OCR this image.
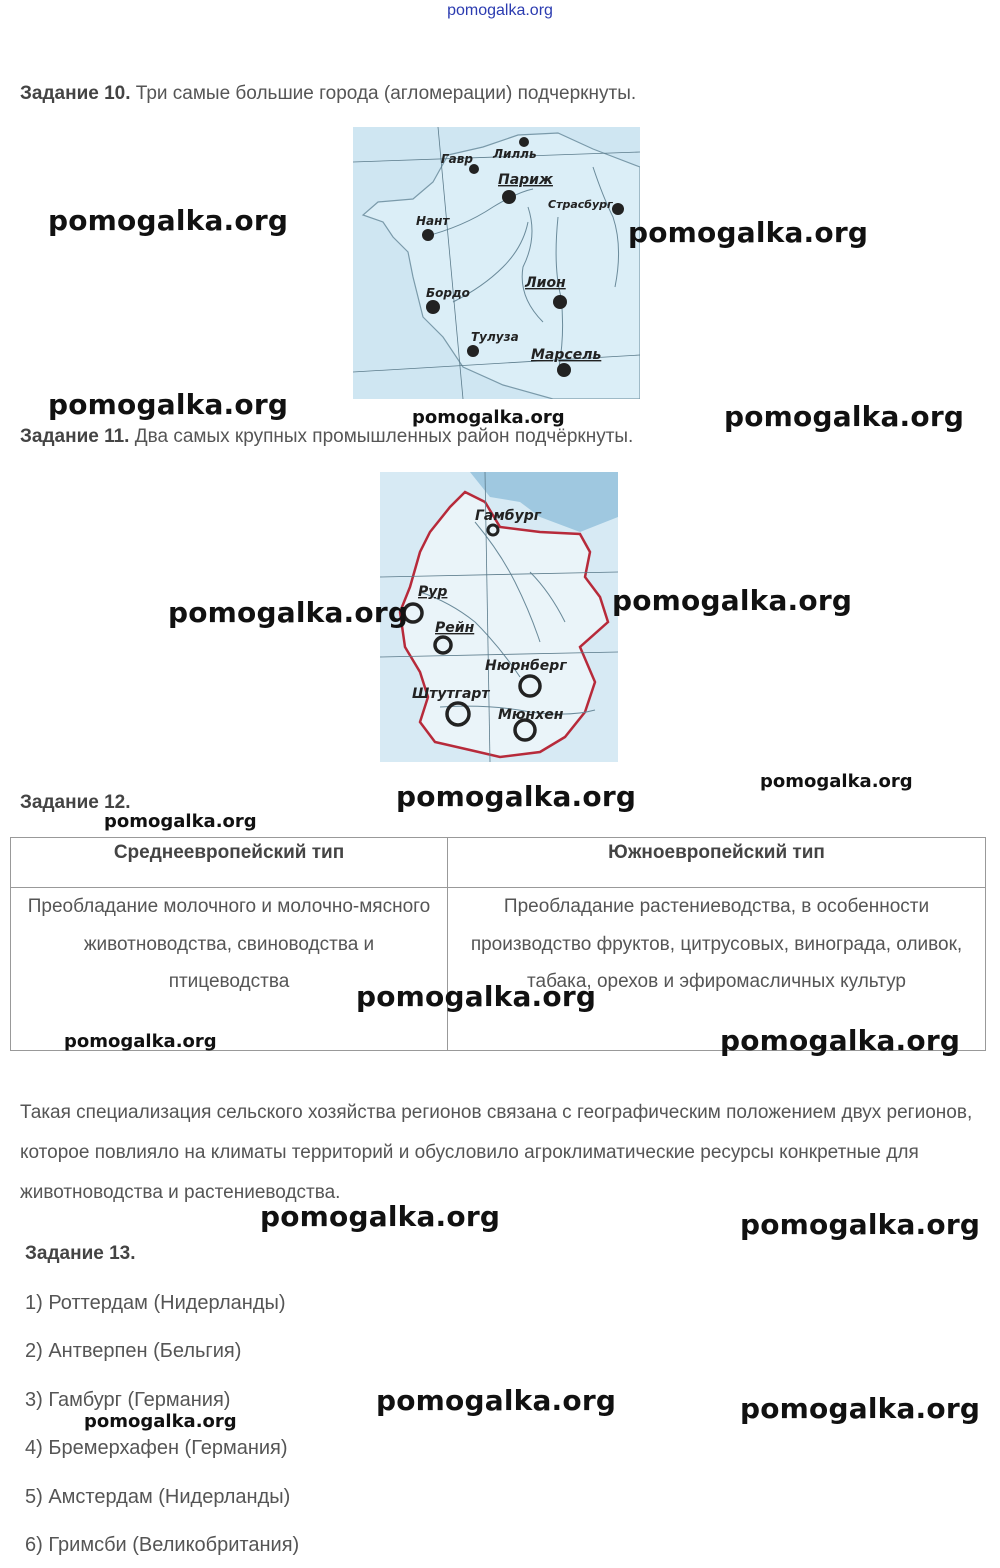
pomogalka.org
Задание 10. Три самые большие города (агломерации) подчеркнуты.
Гавр Лилль
Париж
Страсбург
Нант
Лион
Бордо
Тулуза
Марсель
Задание 11. Два самых крупных промышленных район подчёркнуты.
Гамбург
Рур
Рейн
Нюрнберг
Штутгарт
Мюнхен
Задание 12.
Среднеевропейский тип	Южноевропейский тип
Преобладание молочного и молочно-мясного животноводства, свиноводства и птицеводства	Преобладание растениеводства, в особенности производство фруктов, цитрусовых, винограда, оливок, табака, орехов и эфиромасличных культур
Такая специализация сельского хозяйства регионов связана с географическим положением двух регионов, которое повлияло на климаты территорий и обусловило агроклиматические ресурсы конкретные для животноводства и растениеводства.
Задание 13.
1) Роттердам (Нидерланды)
2) Антверпен (Бельгия)
3) Гамбург (Германия)
4) Бремерхафен (Германия)
5) Амстердам (Нидерланды)
6) Гримсби (Великобритания)
pomogalka.org	pomogalka.org
pomogalka.org	pomogalka.org	pomogalka.org
pomogalka.org	pomogalka.org
pomogalka.org
pomogalka.org
pomogalka.org
pomogalka.org
pomogalka.org	pomogalka.org
pomogalka.org	pomogalka.org
pomogalka.org	pomogalka.org
pomogalka.org
